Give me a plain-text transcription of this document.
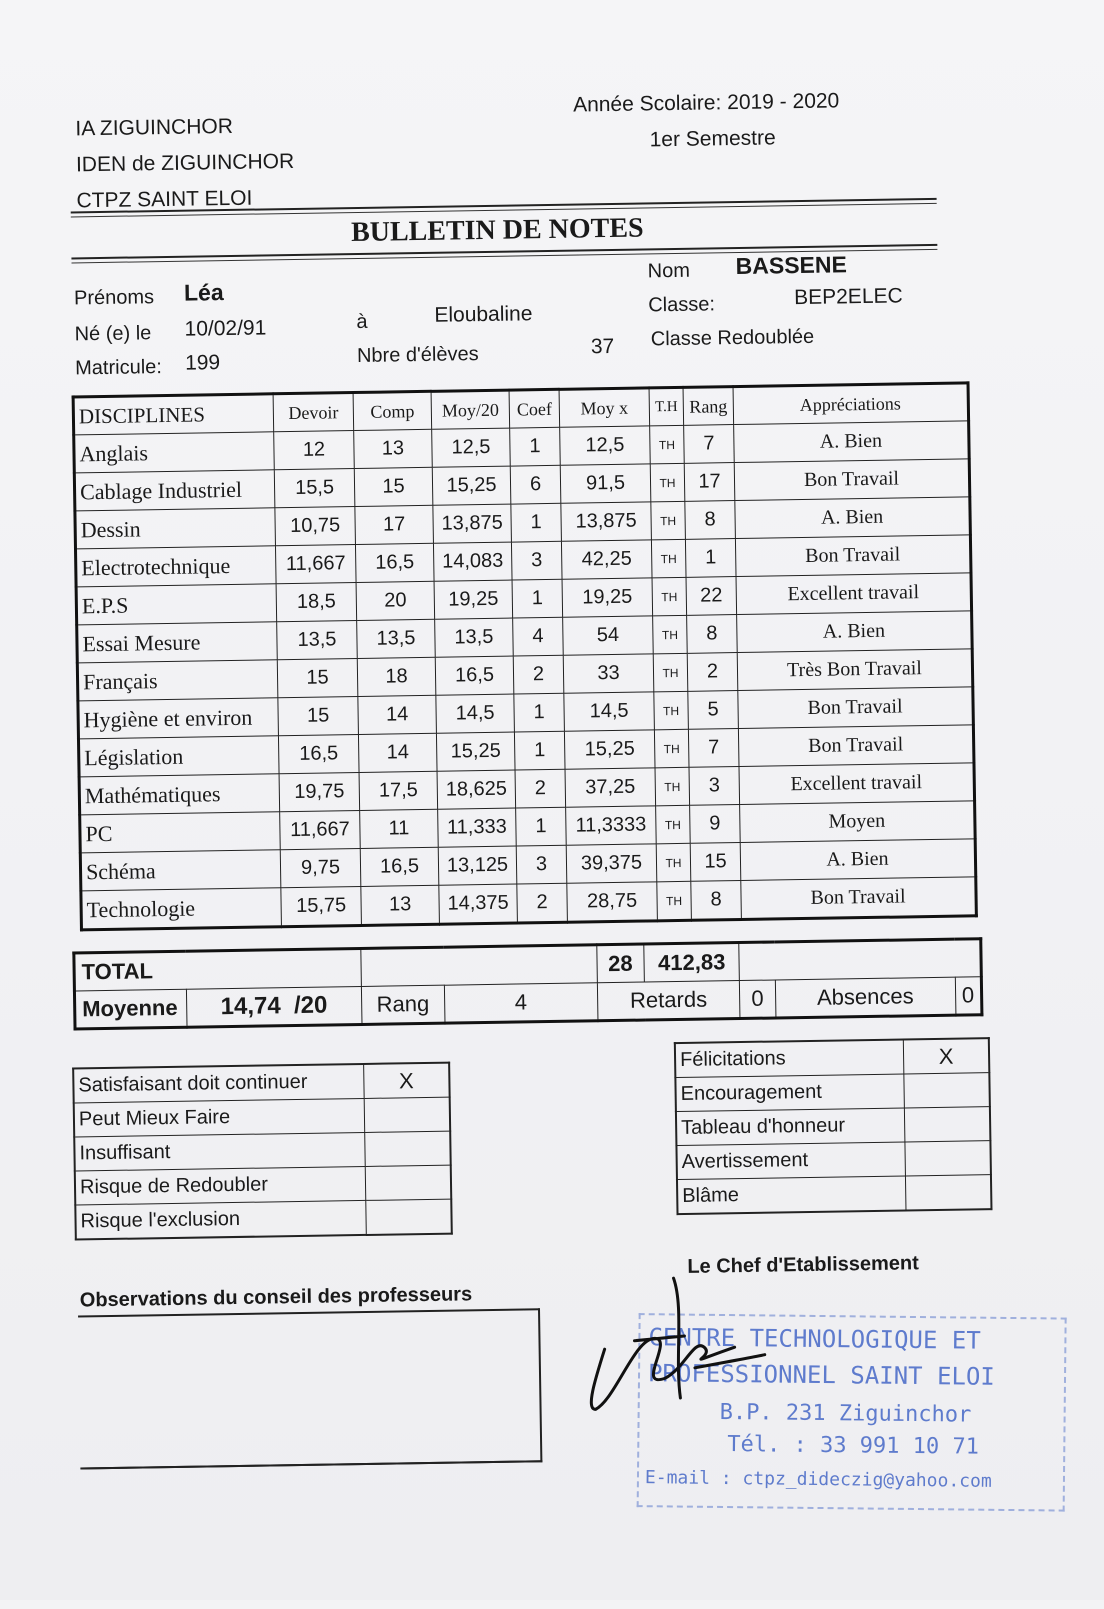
IA ZIGUINCHOR
IDEN de ZIGUINCHOR
CTPZ SAINT ELOI
Année Scolaire: 2019 - 2020
1er Semestre
BULLETIN DE NOTES
Prénoms Léa
Nom BASSENE
Né (e) le 10/02/91	à	Eloubaline	Classe:	BEP2ELEC
Matricule: 199	Nbre d'élèves	37 Classe Redoublée
DISCIPLINES	Devoir	Comp	Moy/20	Coef	Moy x	T.H	Rang	Appréciations
Anglais	12	13	12,5	1	12,5	TH	7	A. Bien
Cablage Industriel	15,5	15	15,25	6	91,5	TH	17	Bon Travail
Dessin	10,75	17	13,875	1	13,875	TH	8	A. Bien
Electrotechnique	11,667	16,5	14,083	3	42,25	TH	1	Bon Travail
E.P.S	18,5	20	19,25	1	19,25	TH	22	Excellent travail
Essai Mesure	13,5	13,5	13,5	4	54	TH	8	A. Bien
Français	15	18	16,5	2	33	TH	2	Très Bon Travail
Hygiène et environ	15	14	14,5	1	14,5	TH	5	Bon Travail
Législation	16,5	14	15,25	1	15,25	TH	7	Bon Travail
Mathématiques	19,75	17,5	18,625	2	37,25	TH	3	Excellent travail
PC	11,667	11	11,333	1	11,3333	TH	9	Moyen
Schéma	9,75	16,5	13,125	3	39,375	TH	15	A. Bien
Technologie	15,75	13	14,375	2	28,75	TH	8	Bon Travail
TOTAL				28	412,83			
Moyenne	14,74 /20	Rang	4	Retards		0	Absences	0
Satisfaisant doit continuer	X
Peut Mieux Faire	
Insuffisant	
Risque de Redoubler	
Risque l'exclusion	
Félicitations	X
Encouragement	
Tableau d'honneur	
Avertissement	
Blâme	
Observations du conseil des professeurs
Le Chef d'Etablissement
CENTRE TECHNOLOGIQUE ET
PROFESSIONNEL SAINT ELOI
B.P. 231 Ziguinchor
Tél. : 33 991 10 71
E-mail : ctpz_dideczig@yahoo.com
